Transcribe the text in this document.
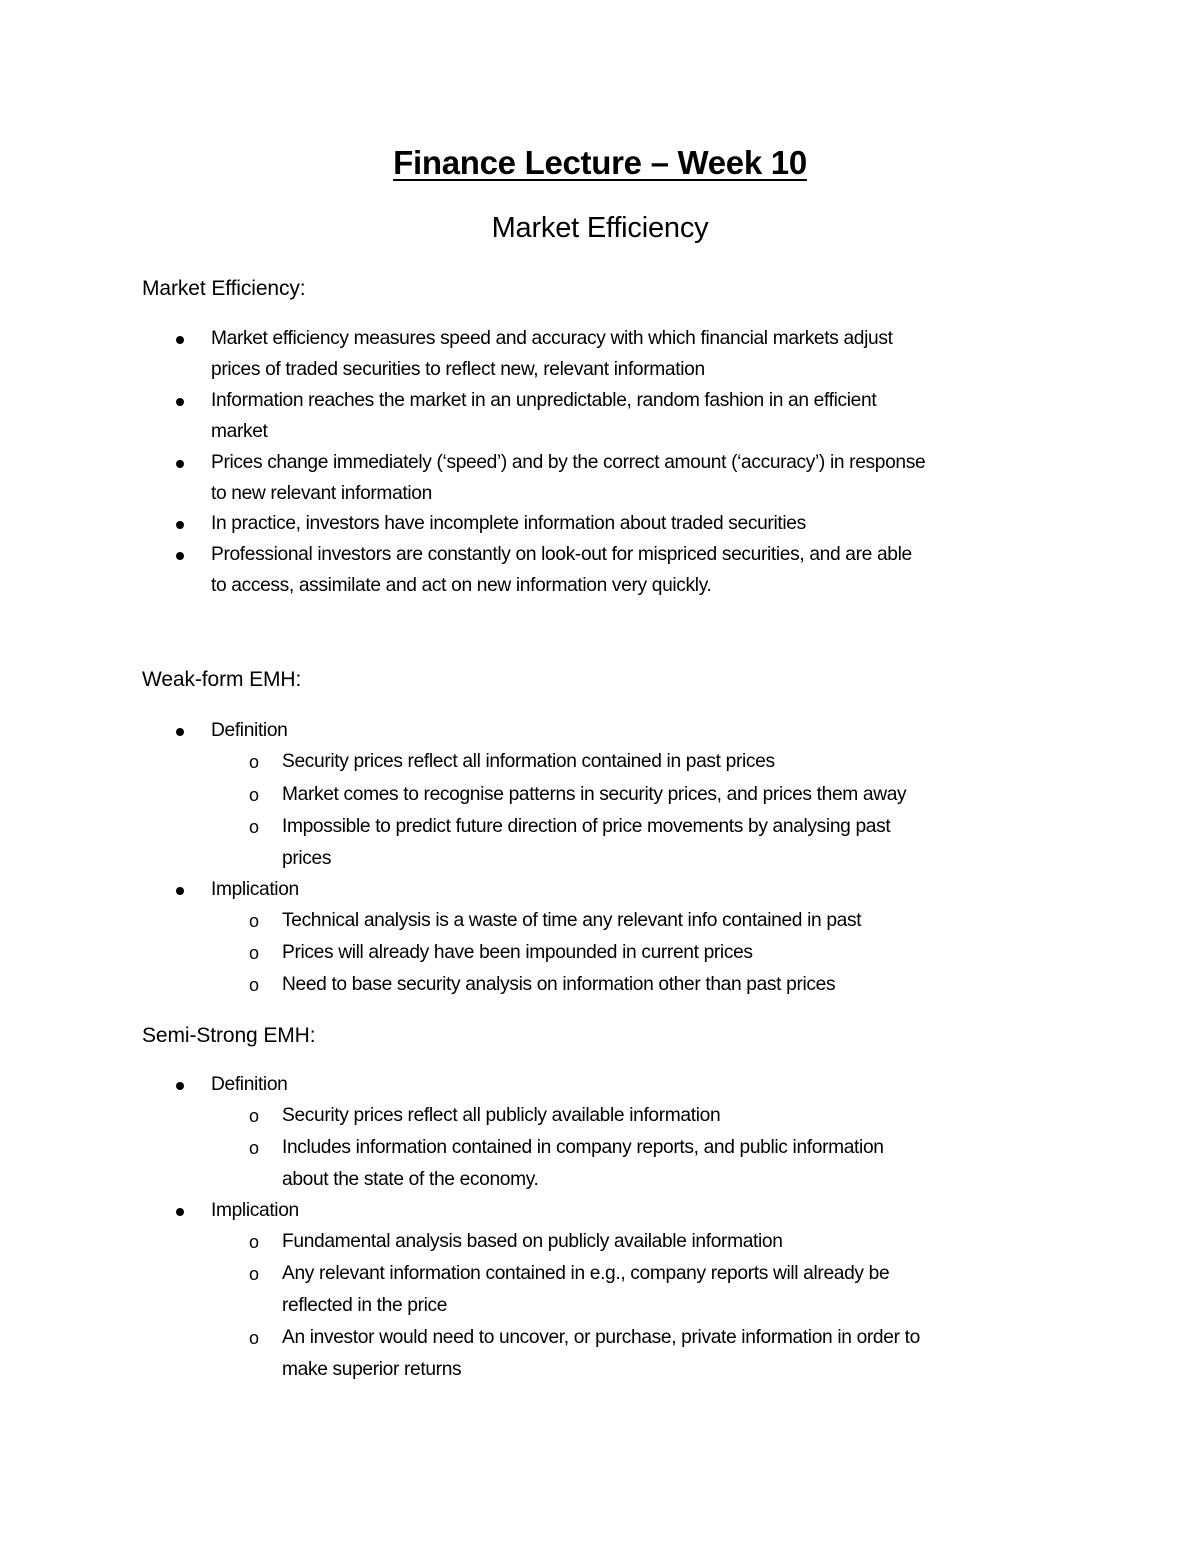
Finance Lecture – Week 10
Market Efficiency
Market Efficiency:
Weak-form EMH:
Semi-Strong EMH:
Market efficiency measures speed and accuracy with which financial markets adjust
prices of traded securities to reflect new, relevant information
Information reaches the market in an unpredictable, random fashion in an efficient
market
Prices change immediately (‘speed’) and by the correct amount (‘accuracy’) in response
to new relevant information
In practice, investors have incomplete information about traded securities
Professional investors are constantly on look-out for mispriced securities, and are able
to access, assimilate and act on new information very quickly.
Definition
o Security prices reflect all information contained in past prices
o Market comes to recognise patterns in security prices, and prices them away
o Impossible to predict future direction of price movements by analysing past
prices
Implication
o Technical analysis is a waste of time any relevant info contained in past
o Prices will already have been impounded in current prices
o Need to base security analysis on information other than past prices
Definition
o Security prices reflect all publicly available information
o Includes information contained in company reports, and public information
about the state of the economy.
Implication
o Fundamental analysis based on publicly available information
o Any relevant information contained in e.g., company reports will already be
reflected in the price
o An investor would need to uncover, or purchase, private information in order to
make superior returns
